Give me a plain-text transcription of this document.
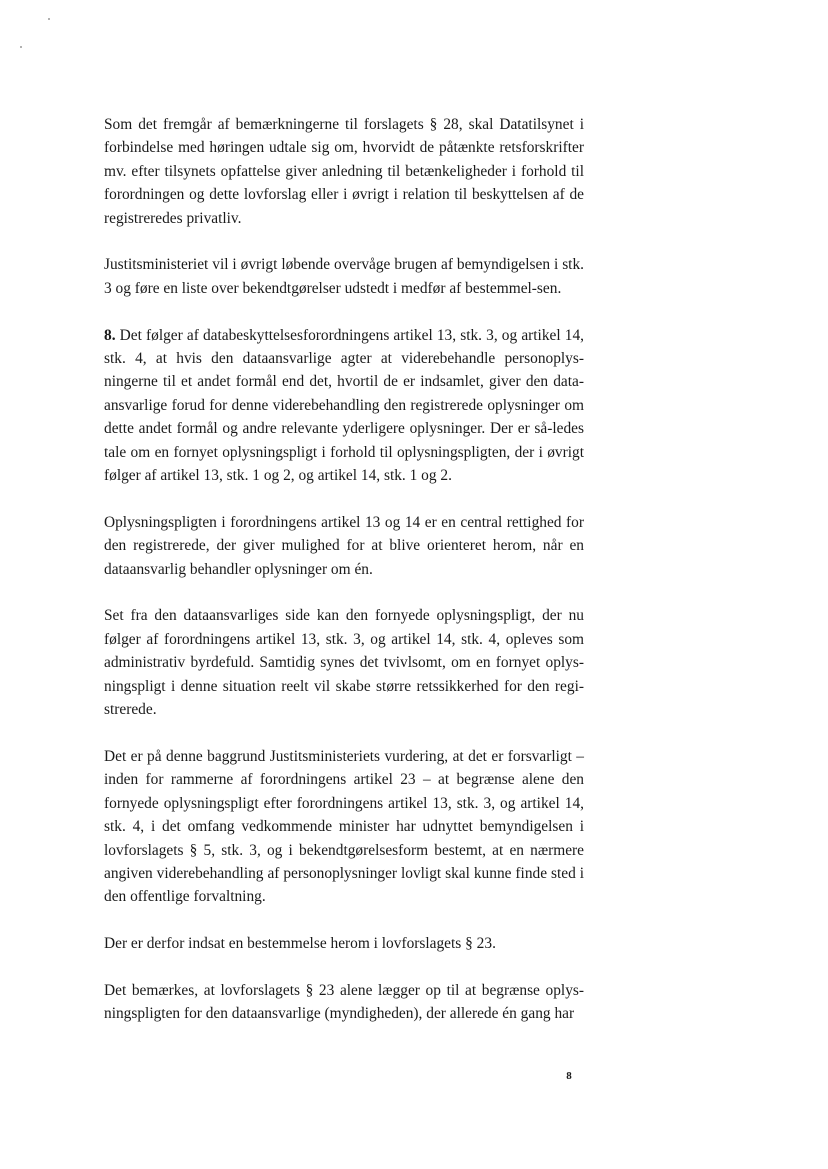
Som det fremgår af bemærkningerne til forslagets § 28, skal Datatilsynet i forbindelse med høringen udtale sig om, hvorvidt de påtænkte retsforskrifter mv. efter tilsynets opfattelse giver anledning til betænkeligheder i forhold til forordningen og dette lovforslag eller i øvrigt i relation til beskyttelsen af de registreredes privatliv.

Justitsministeriet vil i øvrigt løbende overvåge brugen af bemyndigelsen i stk. 3 og føre en liste over bekendtgørelser udstedt i medfør af bestemmel-sen.

8. Det følger af databeskyttelsesforordningens artikel 13, stk. 3, og artikel 14, stk. 4, at hvis den dataansvarlige agter at viderebehandle personoplys-ningerne til et andet formål end det, hvortil de er indsamlet, giver den data-ansvarlige forud for denne viderebehandling den registrerede oplysninger om dette andet formål og andre relevante yderligere oplysninger. Der er så-ledes tale om en fornyet oplysningspligt i forhold til oplysningspligten, der i øvrigt følger af artikel 13, stk. 1 og 2, og artikel 14, stk. 1 og 2.

Oplysningspligten i forordningens artikel 13 og 14 er en central rettighed for den registrerede, der giver mulighed for at blive orienteret herom, når en dataansvarlig behandler oplysninger om én.

Set fra den dataansvarliges side kan den fornyede oplysningspligt, der nu følger af forordningens artikel 13, stk. 3, og artikel 14, stk. 4, opleves som administrativ byrdefuld. Samtidig synes det tvivlsomt, om en fornyet oplys-ningspligt i denne situation reelt vil skabe større retssikkerhed for den regi-strerede.

Det er på denne baggrund Justitsministeriets vurdering, at det er forsvarligt – inden for rammerne af forordningens artikel 23 – at begrænse alene den fornyede oplysningspligt efter forordningens artikel 13, stk. 3, og artikel 14, stk. 4, i det omfang vedkommende minister har udnyttet bemyndigelsen i lovforslagets § 5, stk. 3, og i bekendtgørelsesform bestemt, at en nærmere angiven viderebehandling af personoplysninger lovligt skal kunne finde sted i den offentlige forvaltning.

Der er derfor indsat en bestemmelse herom i lovforslagets § 23.

Det bemærkes, at lovforslagets § 23 alene lægger op til at begrænse oplys-ningspligten for den dataansvarlige (myndigheden), der allerede én gang har

8
